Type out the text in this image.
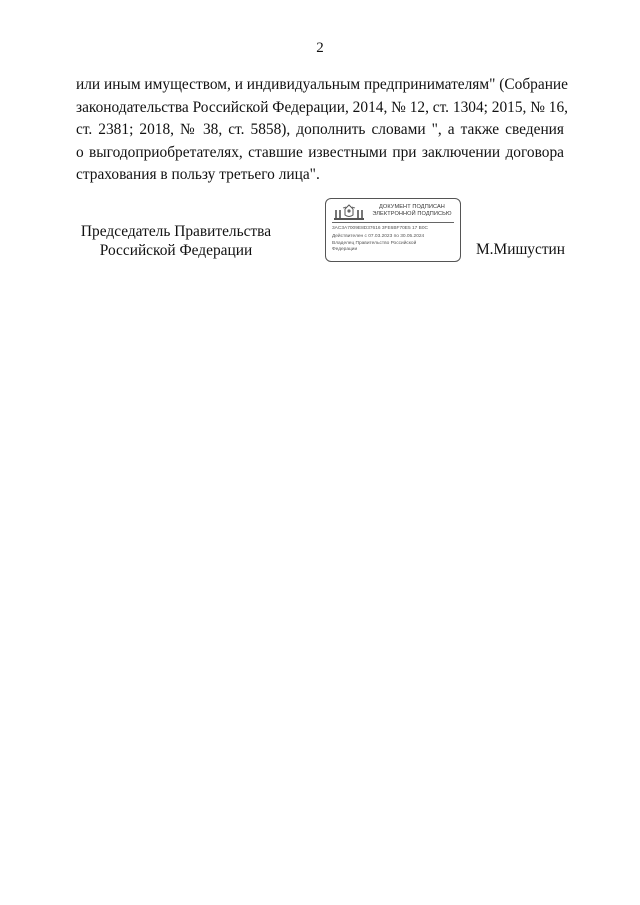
2
или иным имуществом, и индивидуальным предпринимателям" (Собрание
законодательства Российской Федерации, 2014, № 12, ст. 1304; 2015, № 16,
ст. 2381; 2018, № 38, ст. 5858), дополнить словами ", а также сведения
о выгодоприобретателях, ставшие известными при заключении договора
страхования в пользу третьего лица".
Председатель Правительства
Российской Федерации
ДОКУМЕНТ ПОДПИСАН
ЭЛЕКТРОННОЙ ПОДПИСЬЮ
3AC3A7009E8D37616 3FE6BF70E5 17 B0C
Действителен с 07.03.2023 по 30.05.2024
Владелец Правительство Российской
Федерации	М.Мишустин
